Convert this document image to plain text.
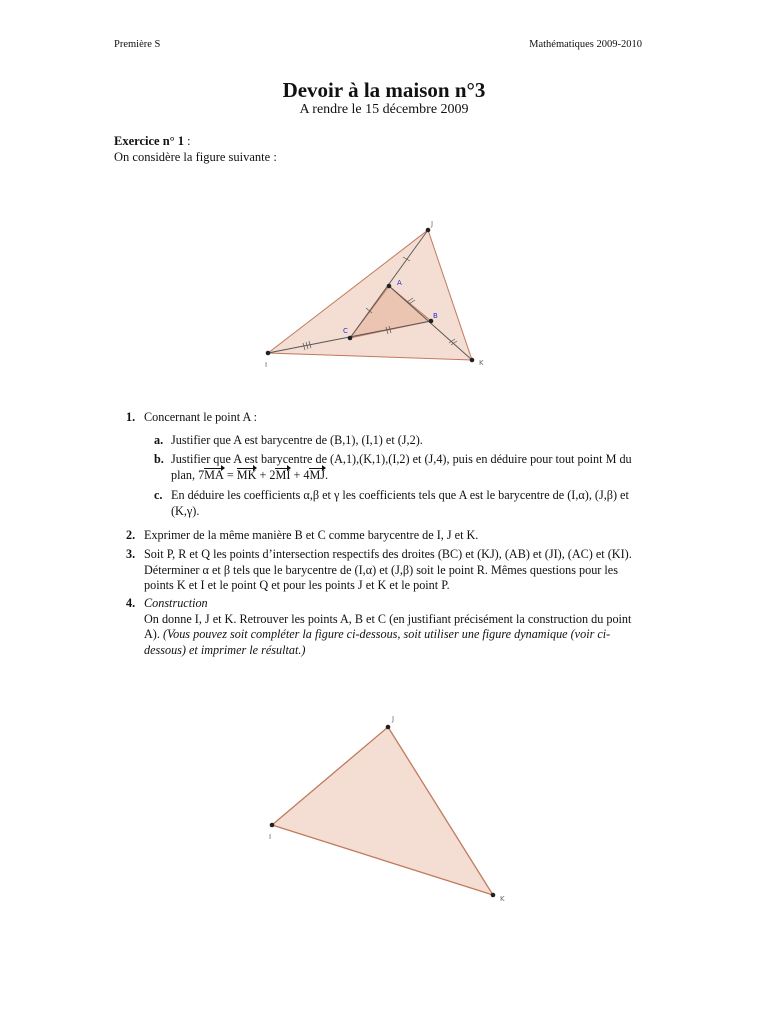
Première S	Mathématiques 2009-2010
Devoir à la maison n°3
A rendre le 15 décembre 2009
Exercice n° 1 :
On considère la figure suivante :
J
A
B
C
I	K
1. Concernant le point A :
a. Justifier que A est barycentre de (B,1), (I,1) et (J,2).
b. Justifier que A est barycentre de (A,1),(K,1),(I,2) et (J,4), puis en déduire pour tout point M du plan, 7MA = MK + 2MI + 4MJ.
c. En déduire les coefficients α,β et γ les coefficients tels que A est le barycentre de (I,α), (J,β) et (K,γ).
2. Exprimer de la même manière B et C comme barycentre de I, J et K.
3. Soit P, R et Q les points d’intersection respectifs des droites (BC) et (KJ), (AB) et (JI), (AC) et (KI). Déterminer α et β tels que le barycentre de (I,α) et (J,β) soit le point R. Mêmes questions pour les points K et I et le point Q et pour les points J et K et le point P.
4. Construction
On donne I, J et K. Retrouver les points A, B et C (en justifiant précisément la construction du point A). (Vous pouvez soit compléter la figure ci-dessous, soit utiliser une figure dynamique (voir ci-dessous) et imprimer le résultat.)
J
I
K
